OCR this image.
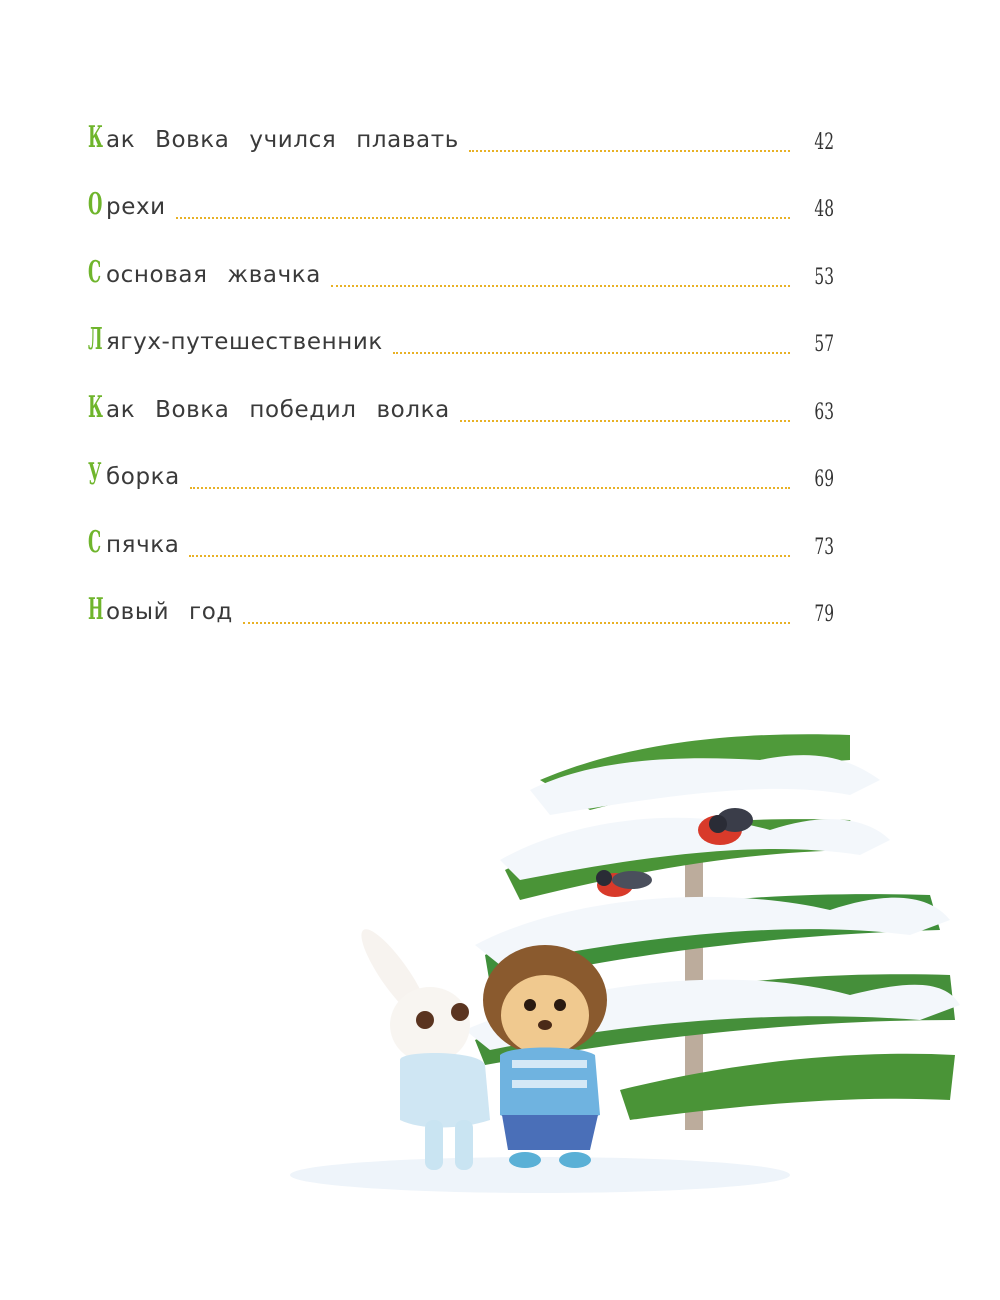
К ак Вовка учился плавать	42
О рехи	48
С основая жвачка	53
Л ягух-путешественник	57
К ак Вовка победил волка	63
У борка	69
С пячка	73
Н овый год	79
